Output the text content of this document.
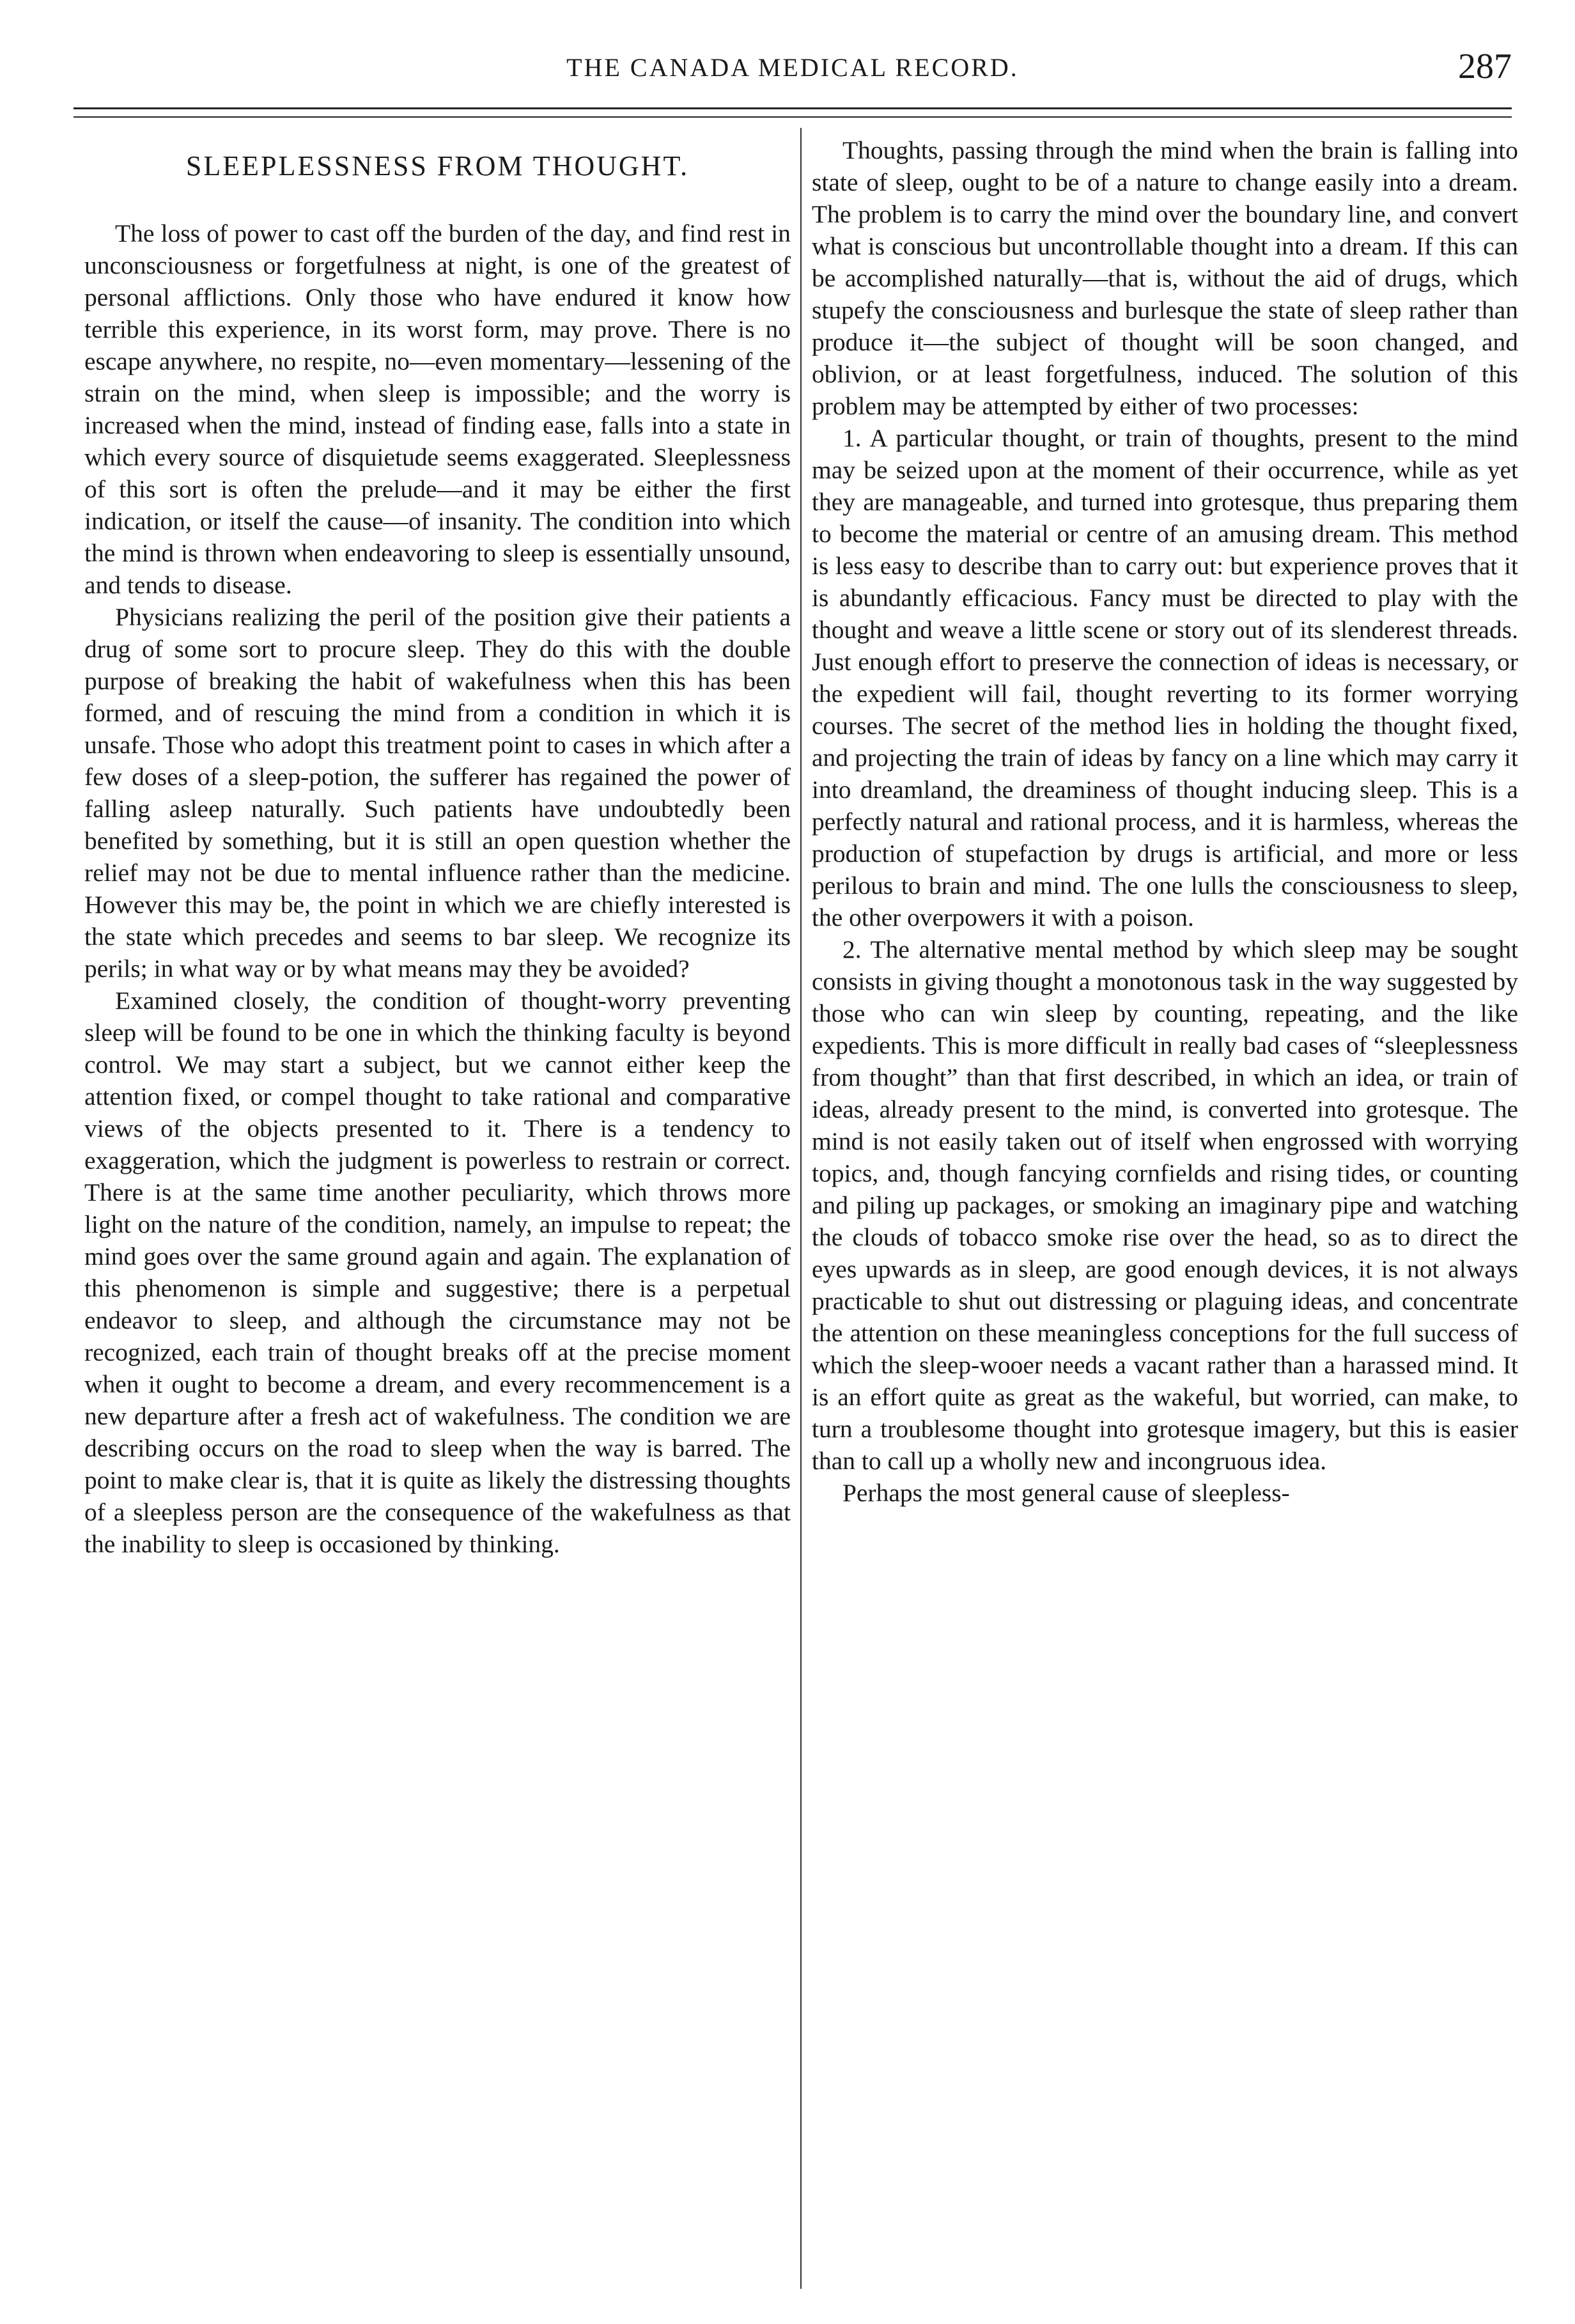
THE CANADA MEDICAL RECORD.	287
SLEEPLESSNESS FROM THOUGHT.

The loss of power to cast off the burden of the day, and find rest in unconsciousness or forgetfulness at night, is one of the greatest of personal afflictions. Only those who have endured it know how terrible this experience, in its worst form, may prove. There is no escape anywhere, no respite, no—even momentary—lessening of the strain on the mind, when sleep is impossible; and the worry is increased when the mind, instead of finding ease, falls into a state in which every source of disquietude seems exaggerated. Sleeplessness of this sort is often the prelude—and it may be either the first indication, or itself the cause—of insanity. The condition into which the mind is thrown when endeavoring to sleep is essentially unsound, and tends to disease.

Physicians realizing the peril of the position give their patients a drug of some sort to procure sleep. They do this with the double purpose of breaking the habit of wakefulness when this has been formed, and of rescuing the mind from a condition in which it is unsafe. Those who adopt this treatment point to cases in which after a few doses of a sleep-potion, the sufferer has regained the power of falling asleep naturally. Such patients have undoubtedly been benefited by something, but it is still an open question whether the relief may not be due to mental influence rather than the medicine. However this may be, the point in which we are chiefly interested is the state which precedes and seems to bar sleep. We recognize its perils; in what way or by what means may they be avoided?

Examined closely, the condition of thought-worry preventing sleep will be found to be one in which the thinking faculty is beyond control. We may start a subject, but we cannot either keep the attention fixed, or compel thought to take rational and comparative views of the objects presented to it. There is a tendency to exaggeration, which the judgment is powerless to restrain or correct. There is at the same time another peculiarity, which throws more light on the nature of the condition, namely, an impulse to repeat; the mind goes over the same ground again and again. The explanation of this phenomenon is simple and suggestive; there is a perpetual endeavor to sleep, and although the circumstance may not be recognized, each train of thought breaks off at the precise moment when it ought to become a dream, and every recommencement is a new departure after a fresh act of wakefulness. The condition we are describing occurs on the road to sleep when the way is barred. The point to make clear is, that it is quite as likely the distressing thoughts of a sleepless person are the consequence of the wakefulness as that the inability to sleep is occasioned by thinking.

Thoughts, passing through the mind when the brain is falling into state of sleep, ought to be of a nature to change easily into a dream. The problem is to carry the mind over the boundary line, and convert what is conscious but uncontrollable thought into a dream. If this can be accomplished naturally—that is, without the aid of drugs, which stupefy the consciousness and burlesque the state of sleep rather than produce it—the subject of thought will be soon changed, and oblivion, or at least forgetfulness, induced. The solution of this problem may be attempted by either of two processes:

1. A particular thought, or train of thoughts, present to the mind may be seized upon at the moment of their occurrence, while as yet they are manageable, and turned into grotesque, thus preparing them to become the material or centre of an amusing dream. This method is less easy to describe than to carry out: but experience proves that it is abundantly efficacious. Fancy must be directed to play with the thought and weave a little scene or story out of its slenderest threads. Just enough effort to preserve the connection of ideas is necessary, or the expedient will fail, thought reverting to its former worrying courses. The secret of the method lies in holding the thought fixed, and projecting the train of ideas by fancy on a line which may carry it into dreamland, the dreaminess of thought inducing sleep. This is a perfectly natural and rational process, and it is harmless, whereas the production of stupefaction by drugs is artificial, and more or less perilous to brain and mind. The one lulls the consciousness to sleep, the other overpowers it with a poison.

2. The alternative mental method by which sleep may be sought consists in giving thought a monotonous task in the way suggested by those who can win sleep by counting, repeating, and the like expedients. This is more difficult in really bad cases of “sleeplessness from thought” than that first described, in which an idea, or train of ideas, already present to the mind, is converted into grotesque. The mind is not easily taken out of itself when engrossed with worrying topics, and, though fancying cornfields and rising tides, or counting and piling up packages, or smoking an imaginary pipe and watching the clouds of tobacco smoke rise over the head, so as to direct the eyes upwards as in sleep, are good enough devices, it is not always practicable to shut out distressing or plaguing ideas, and concentrate the attention on these meaningless conceptions for the full success of which the sleep-wooer needs a vacant rather than a harassed mind. It is an effort quite as great as the wakeful, but worried, can make, to turn a troublesome thought into grotesque imagery, but this is easier than to call up a wholly new and incongruous idea.

Perhaps the most general cause of sleepless-
